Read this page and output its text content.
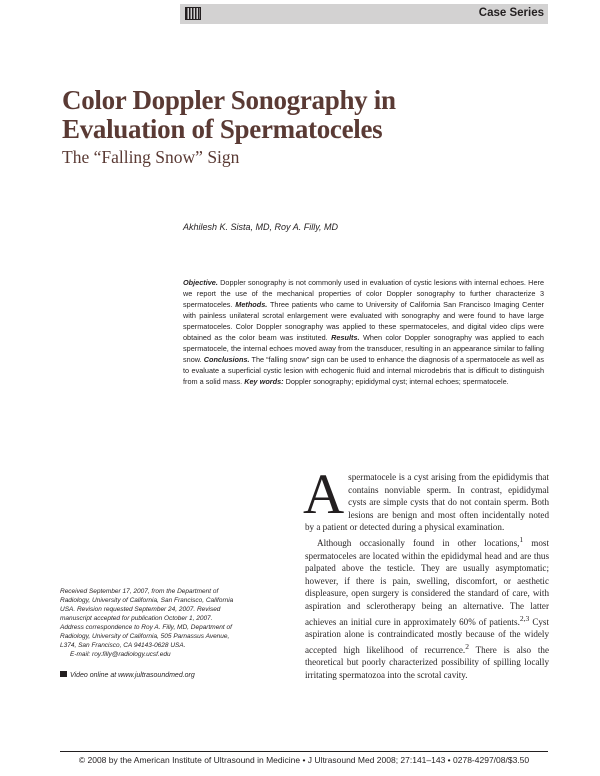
Case Series
Color Doppler Sonography in
Evaluation of Spermatoceles
The “Falling Snow” Sign
Akhilesh K. Sista, MD, Roy A. Filly, MD

Objective. Doppler sonography is not commonly used in evaluation of cystic lesions with internal echoes. Here we report the use of the mechanical properties of color Doppler sonography to further characterize 3 spermatoceles. Methods. Three patients who came to University of California San Francisco Imaging Center with painless unilateral scrotal enlargement were evaluated with sonography and were found to have large spermatoceles. Color Doppler sonography was applied to these spermatoceles, and digital video clips were obtained as the color beam was instituted. Results. When color Doppler sonography was applied to each spermatocele, the internal echoes moved away from the transducer, resulting in an appearance similar to falling snow. Conclusions. The “falling snow” sign can be used to enhance the diagnosis of a spermatocele as well as to evaluate a superficial cystic lesion with echogenic fluid and internal microdebris that is difficult to distinguish from a solid mass. Key words: Doppler sonography; epididymal cyst; internal echoes; spermatocele.

Received September 17, 2007, from the Department of Radiology, University of California, San Francisco, California USA. Revision requested September 24, 2007. Revised manuscript accepted for publication October 1, 2007.

Address correspondence to Roy A. Filly, MD, Department of Radiology, University of California, 505 Parnassus Avenue, L374, San Francisco, CA 94143-0628 USA.

E-mail: roy.filly@radiology.ucsf.edu

Video online at www.jultrasoundmed.org

Aspermatocele is a cyst arising from the epididymis that contains nonviable sperm. In contrast, epididymal cysts are simple cysts that do not contain sperm. Both lesions are benign and most often incidentally noted by a patient or detected during a physical examination.

Although occasionally found in other locations,$^1$ most spermatoceles are located within the epididymal head and are thus palpated above the testicle. They are usually asymptomatic; however, if there is pain, swelling, discomfort, or aesthetic displeasure, open surgery is considered the standard of care, with aspiration and sclerotherapy being an alternative. The latter achieves an initial cure in approximately 60% of patients.$^{2,3}$ Cyst aspiration alone is contraindicated mostly because of the widely accepted high likelihood of recurrence.$^2$ There is also the theoretical but poorly characterized possibility of spilling locally irritating spermatozoa into the scrotal cavity.

© 2008 by the American Institute of Ultrasound in Medicine • J Ultrasound Med 2008; 27:141–143 • 0278-4297/08/$3.50
